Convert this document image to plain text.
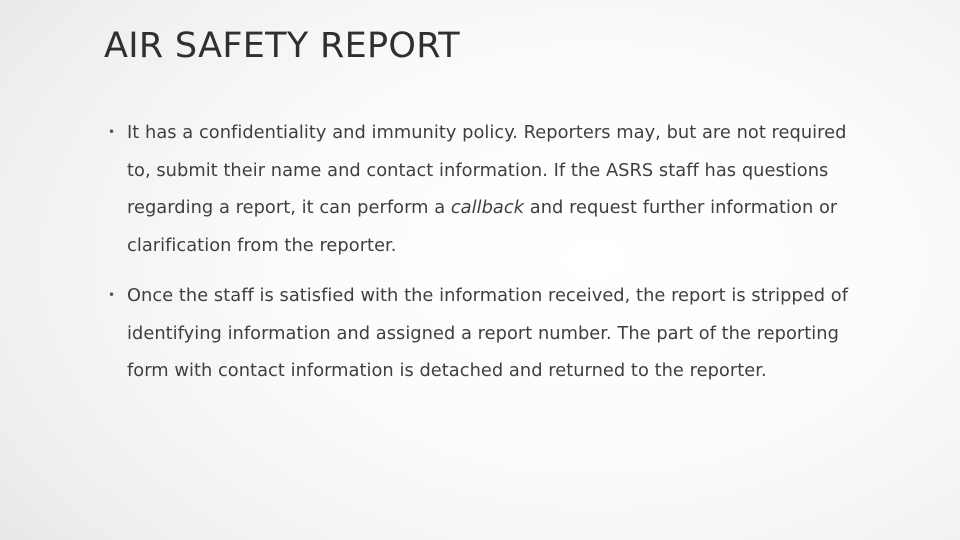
AIR SAFETY REPORT
• It has a confidentiality and immunity policy. Reporters may, but are not required to, submit their name and contact information. If the ASRS staff has questions regarding a report, it can perform a callback and request further information or clarification from the reporter.
• Once the staff is satisfied with the information received, the report is stripped of identifying information and assigned a report number. The part of the reporting form with contact information is detached and returned to the reporter.
